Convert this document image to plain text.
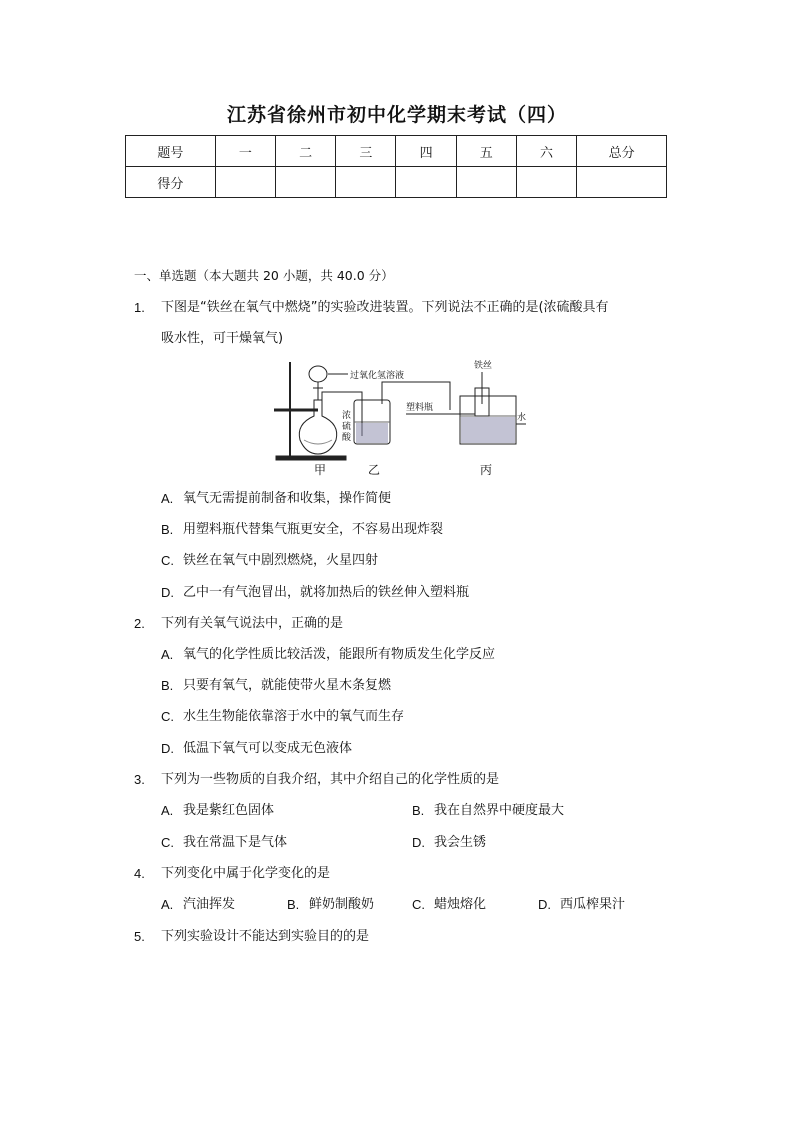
江苏省徐州市初中化学期末考试（四）
题号	一	二	三	四	五	六	总分
得分							
一、单选题（本大题共 20 小题，共 40.0 分）
1. 下图是“铁丝在氧气中燃烧”的实验改进装置。下列说法不正确的是(浓硫酸具有
吸水性，可干燥氧气)
过氧化氢溶液
浓
硫
酸
铁丝
塑料瓶
水
甲	乙	丙
A. 氧气无需提前制备和收集，操作简便
B. 用塑料瓶代替集气瓶更安全，不容易出现炸裂
C. 铁丝在氧气中剧烈燃烧，火星四射
D. 乙中一有气泡冒出，就将加热后的铁丝伸入塑料瓶
2. 下列有关氧气说法中，正确的是
A. 氧气的化学性质比较活泼，能跟所有物质发生化学反应
B. 只要有氧气，就能使带火星木条复燃
C. 水生生物能依靠溶于水中的氧气而生存
D. 低温下氧气可以变成无色液体
3. 下列为一些物质的自我介绍，其中介绍自己的化学性质的是
A. 我是紫红色固体	B. 我在自然界中硬度最大
C. 我在常温下是气体	D. 我会生锈
4. 下列变化中属于化学变化的是
A. 汽油挥发	B. 鲜奶制酸奶	C. 蜡烛熔化	D. 西瓜榨果汁
5. 下列实验设计不能达到实验目的的是
